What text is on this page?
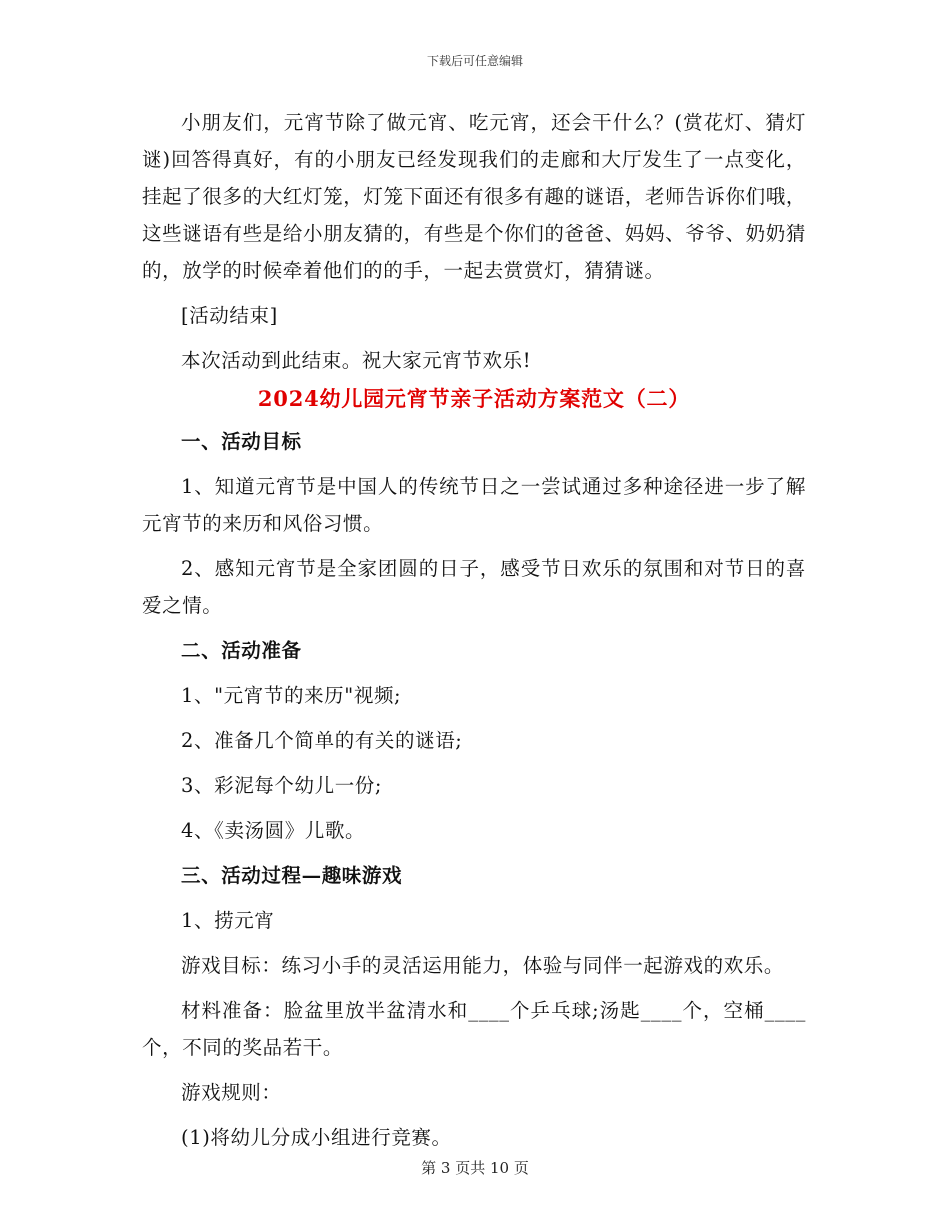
下载后可任意编辑

小朋友们，元宵节除了做元宵、吃元宵，还会干什么？(赏花灯、猜灯谜)回答得真好，有的小朋友已经发现我们的走廊和大厅发生了一点变化，挂起了很多的大红灯笼，灯笼下面还有很多有趣的谜语，老师告诉你们哦，这些谜语有些是给小朋友猜的，有些是个你们的爸爸、妈妈、爷爷、奶奶猜的，放学的时候牵着他们的的手，一起去赏赏灯，猜猜谜。

[活动结束]

本次活动到此结束。祝大家元宵节欢乐!

2024幼儿园元宵节亲子活动方案范文（二）

一、活动目标

1、知道元宵节是中国人的传统节日之一尝试通过多种途径进一步了解元宵节的来历和风俗习惯。

2、感知元宵节是全家团圆的日子，感受节日欢乐的氛围和对节日的喜爱之情。

二、活动准备

1、"元宵节的来历"视频;

2、准备几个简单的有关的谜语;

3、彩泥每个幼儿一份;

4、《卖汤圆》儿歌。

三、活动过程—趣味游戏

1、捞元宵

游戏目标：练习小手的灵活运用能力，体验与同伴一起游戏的欢乐。

材料准备：脸盆里放半盆清水和____个乒乓球;汤匙____个，空桶____个，不同的奖品若干。

游戏规则：

(1)将幼儿分成小组进行竞赛。

第 3 页共 10 页
